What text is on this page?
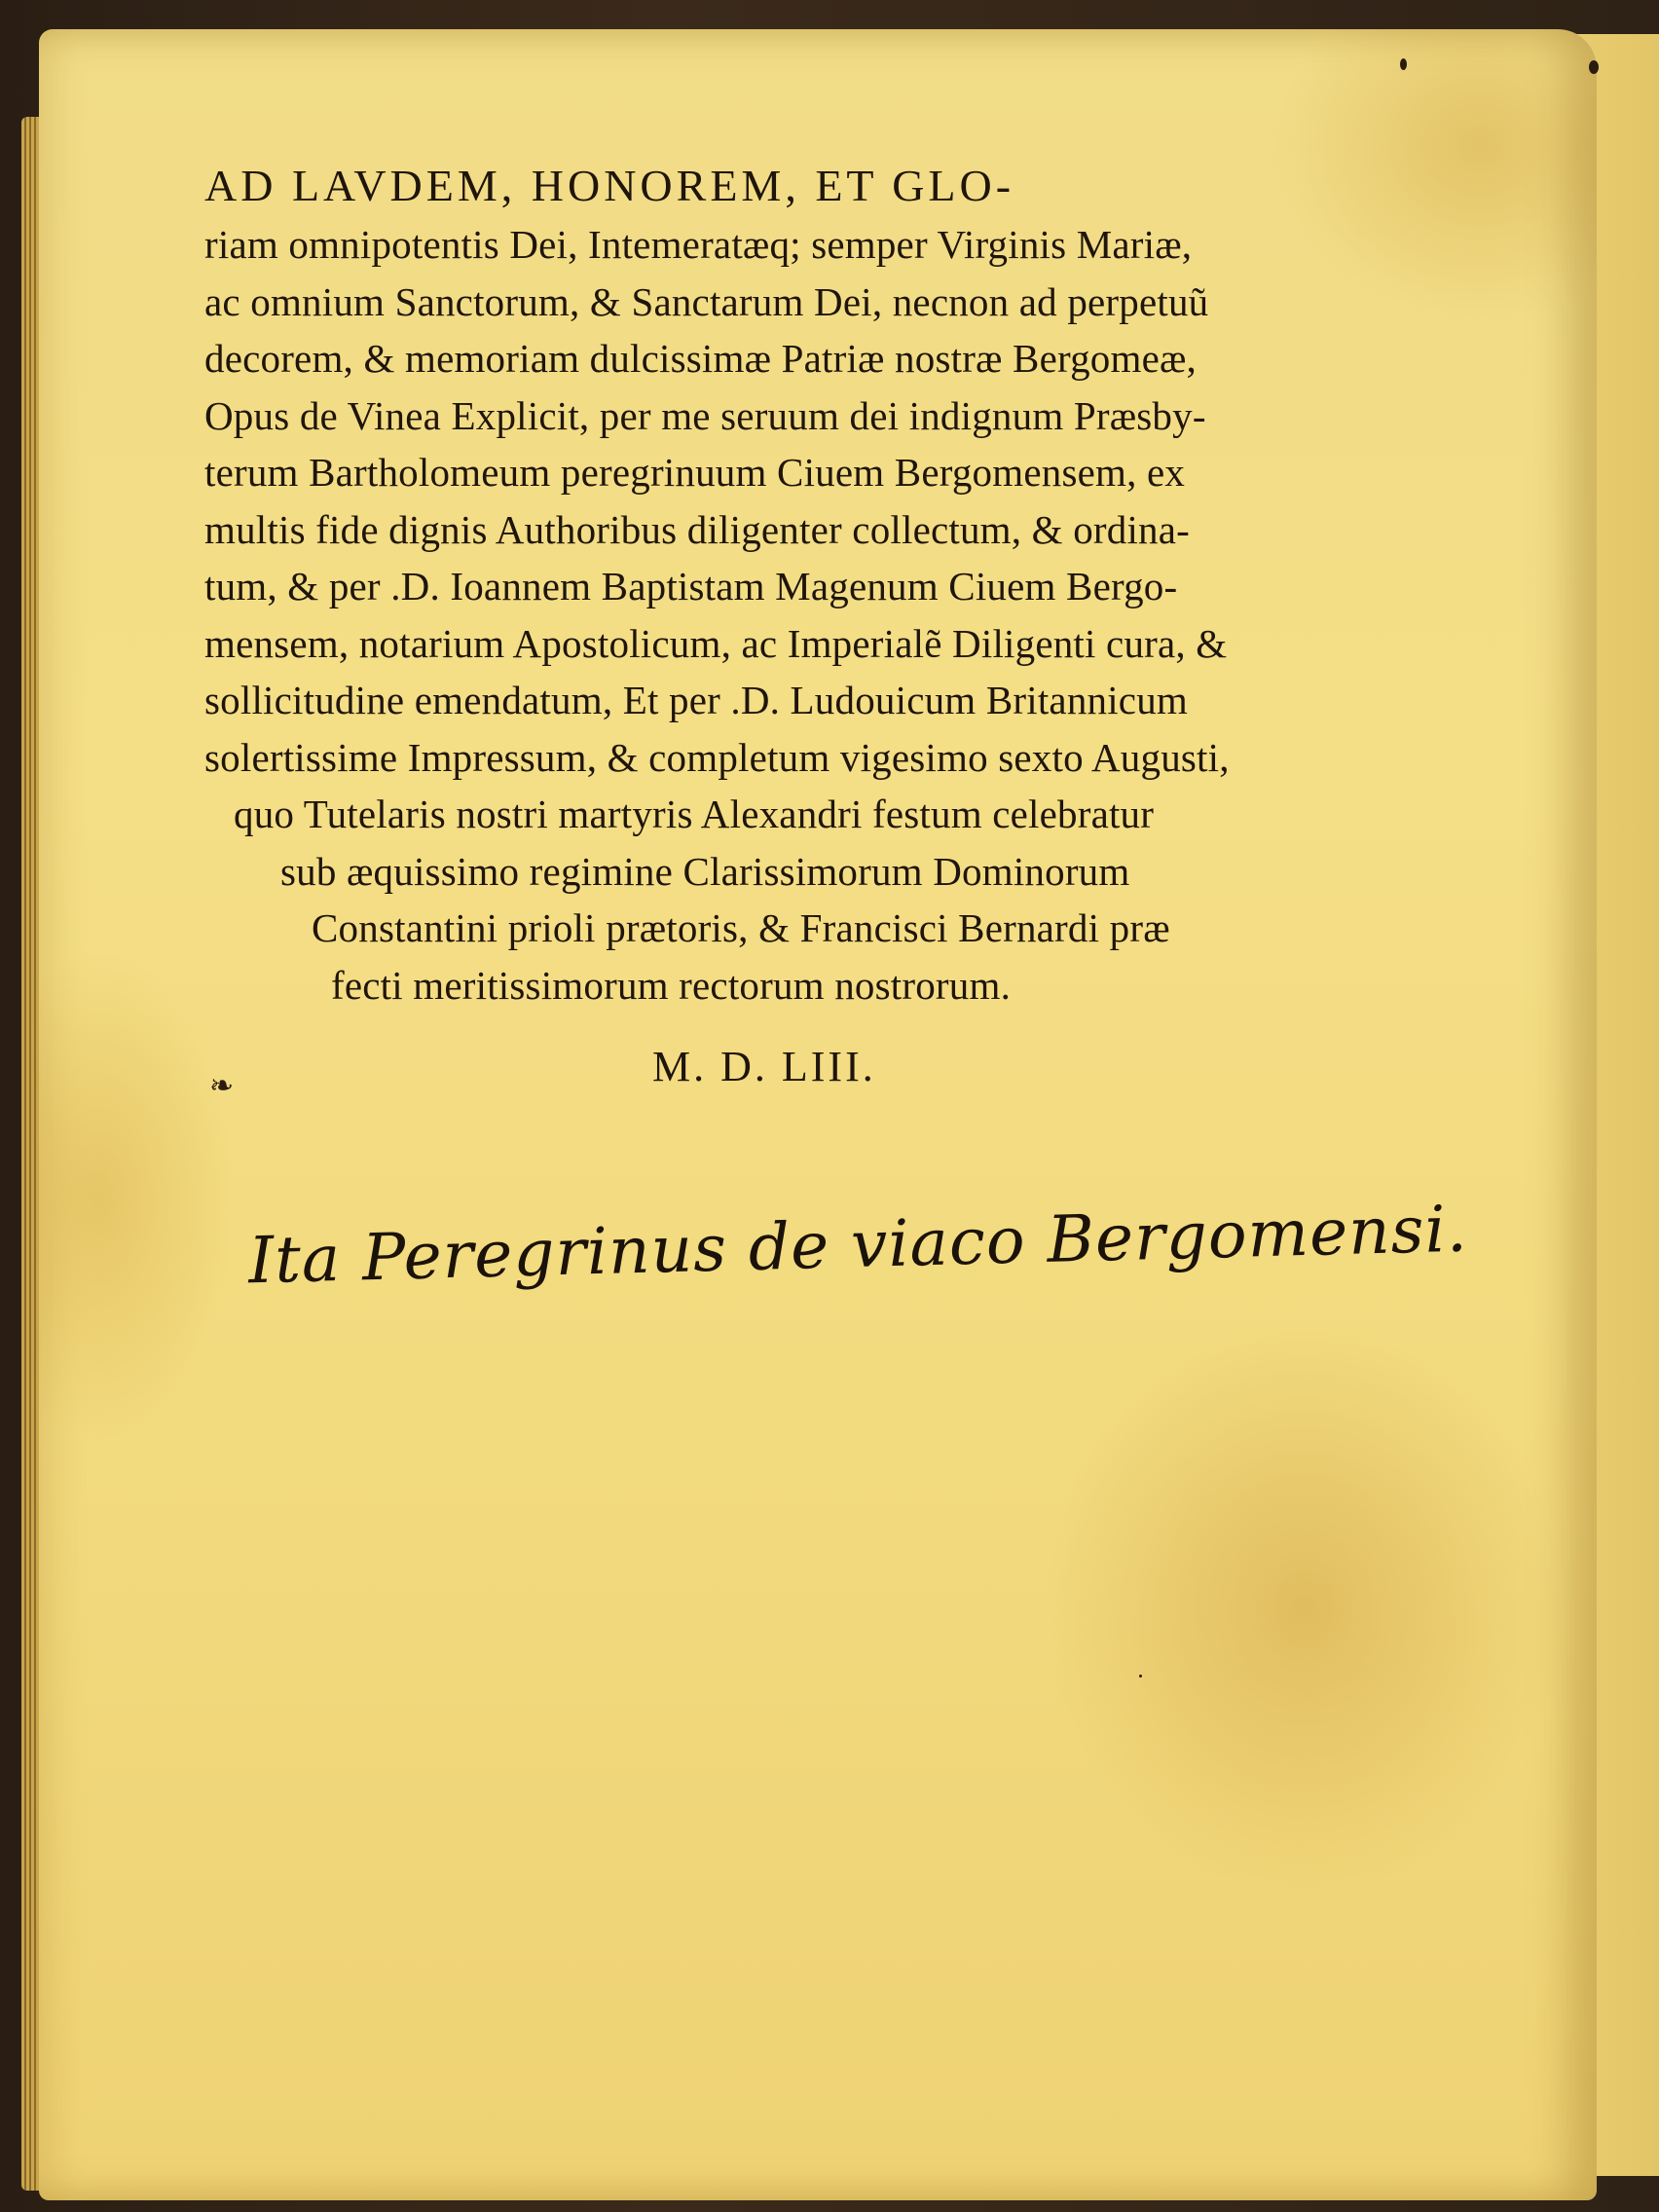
AD LAVDEM, HONOREM, ET GLO-
riam omnipotentis Dei, Intemeratæq; semper Virginis Mariæ,
ac omnium Sanctorum, & Sanctarum Dei, necnon ad perpetuũ
decorem, & memoriam dulcissimæ Patriæ nostræ Bergomeæ,
Opus de Vinea Explicit, per me seruum dei indignum Præsby-
terum Bartholomeum peregrinuum Ciuem Bergomensem, ex
multis fide dignis Authoribus diligenter collectum, & ordina-
tum, & per .D. Ioannem Baptistam Magenum Ciuem Bergo-
mensem, notarium Apostolicum, ac Imperialẽ Diligenti cura, &
sollicitudine emendatum, Et per .D. Ludouicum Britannicum
solertissime Impressum, & completum vigesimo sexto Augusti,
quo Tutelaris nostri martyris Alexandri festum celebratur
sub æquissimo regimine Clarissimorum Dominorum
Constantini prioli prætoris, & Francisci Bernardi præ
fecti meritissimorum rectorum nostrorum.
❧	M. D. LIII.
Ita Peregrinus de viaco Bergomensi.
